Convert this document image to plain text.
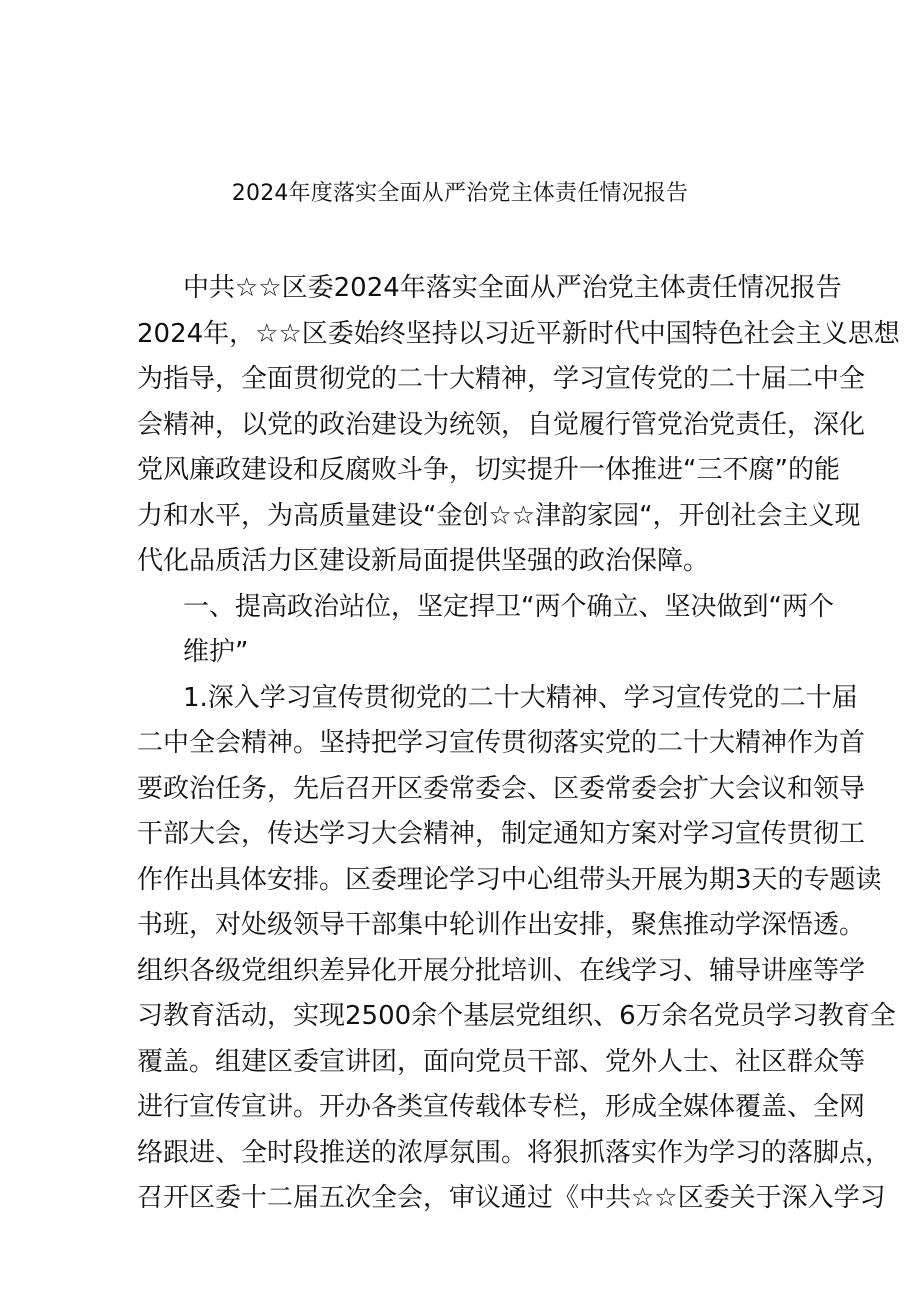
2024年度落实全面从严治党主体责任情况报告

中共☆☆区委2024年落实全面从严治党主体责任情况报告

2024年，☆☆区委始终坚持以习近平新时代中国特色社会主义思想

为指导，全面贯彻党的二十大精神，学习宣传党的二十届二中全

会精神，以党的政治建设为统领，自觉履行管党治党责任，深化

党风廉政建设和反腐败斗争，切实提升一体推进“三不腐”的能

力和水平，为高质量建设“金创☆☆津韵家园“，开创社会主义现

代化品质活力区建设新局面提供坚强的政治保障。

一、提高政治站位，坚定捍卫“两个确立、坚决做到“两个

维护”

1.深入学习宣传贯彻党的二十大精神、学习宣传党的二十届

二中全会精神。坚持把学习宣传贯彻落实党的二十大精神作为首

要政治任务，先后召开区委常委会、区委常委会扩大会议和领导

干部大会，传达学习大会精神，制定通知方案对学习宣传贯彻工

作作出具体安排。区委理论学习中心组带头开展为期3天的专题读

书班，对处级领导干部集中轮训作出安排，聚焦推动学深悟透。

组织各级党组织差异化开展分批培训、在线学习、辅导讲座等学

习教育活动，实现2500余个基层党组织、6万余名党员学习教育全

覆盖。组建区委宣讲团，面向党员干部、党外人士、社区群众等

进行宣传宣讲。开办各类宣传载体专栏，形成全媒体覆盖、全网

络跟进、全时段推送的浓厚氛围。将狠抓落实作为学习的落脚点，

召开区委十二届五次全会，审议通过《中共☆☆区委关于深入学习
